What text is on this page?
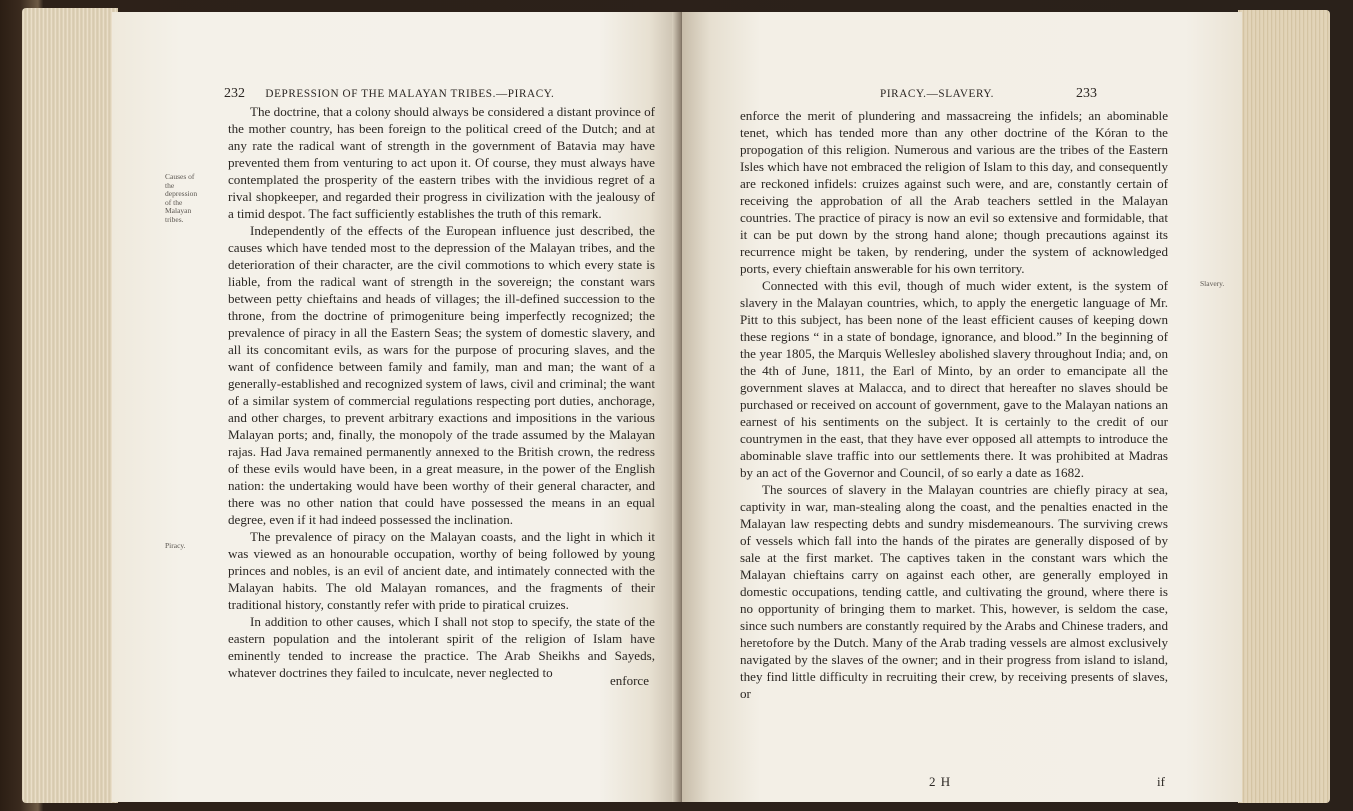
232 DEPRESSION OF THE MALAYAN TRIBES.—PIRACY.
Causes of the depression of the Malayan tribes.
Piracy.

The doctrine, that a colony should always be considered a distant province of the mother country, has been foreign to the political creed of the Dutch; and at any rate the radical want of strength in the government of Batavia may have prevented them from venturing to act upon it. Of course, they must always have contemplated the prosperity of the eastern tribes with the invidious regret of a rival shopkeeper, and regarded their progress in civilization with the jealousy of a timid despot. The fact sufficiently establishes the truth of this remark.

Independently of the effects of the European influence just described, the causes which have tended most to the depression of the Malayan tribes, and the deterioration of their character, are the civil commotions to which every state is liable, from the radical want of strength in the sovereign; the constant wars between petty chieftains and heads of villages; the ill-defined succession to the throne, from the doctrine of primogeniture being imperfectly recognized; the prevalence of piracy in all the Eastern Seas; the system of domestic slavery, and all its concomitant evils, as wars for the purpose of procuring slaves, and the want of confidence between family and family, man and man; the want of a generally-established and recognized system of laws, civil and criminal; the want of a similar system of commercial regulations respecting port duties, anchorage, and other charges, to prevent arbitrary exactions and impositions in the various Malayan ports; and, finally, the monopoly of the trade assumed by the Malayan rajas. Had Java remained permanently annexed to the British crown, the redress of these evils would have been, in a great measure, in the power of the English nation: the undertaking would have been worthy of their general character, and there was no other nation that could have possessed the means in an equal degree, even if it had indeed possessed the inclination.

The prevalence of piracy on the Malayan coasts, and the light in which it was viewed as an honourable occupation, worthy of being followed by young princes and nobles, is an evil of ancient date, and intimately connected with the Malayan habits. The old Malayan romances, and the fragments of their traditional history, constantly refer with pride to piratical cruizes.

In addition to other causes, which I shall not stop to specify, the state of the eastern population and the intolerant spirit of the religion of Islam have eminently tended to increase the practice. The Arab Sheikhs and Sayeds, whatever doctrines they failed to inculcate, never neglected to

enforce
PIRACY.—SLAVERY.	233
Slavery.

enforce the merit of plundering and massacreing the infidels; an abominable tenet, which has tended more than any other doctrine of the Kóran to the propogation of this religion. Numerous and various are the tribes of the Eastern Isles which have not embraced the religion of Islam to this day, and consequently are reckoned infidels: cruizes against such were, and are, constantly certain of receiving the approbation of all the Arab teachers settled in the Malayan countries. The practice of piracy is now an evil so extensive and formidable, that it can be put down by the strong hand alone; though precautions against its recurrence might be taken, by rendering, under the system of acknowledged ports, every chieftain answerable for his own territory.

Connected with this evil, though of much wider extent, is the system of slavery in the Malayan countries, which, to apply the energetic language of Mr. Pitt to this subject, has been none of the least efficient causes of keeping down these regions “ in a state of bondage, ignorance, and blood.” In the beginning of the year 1805, the Marquis Wellesley abolished slavery throughout India; and, on the 4th of June, 1811, the Earl of Minto, by an order to emancipate all the government slaves at Malacca, and to direct that hereafter no slaves should be purchased or received on account of government, gave to the Malayan nations an earnest of his sentiments on the subject. It is certainly to the credit of our countrymen in the east, that they have ever opposed all attempts to introduce the abominable slave traffic into our settlements there. It was prohibited at Madras by an act of the Governor and Council, of so early a date as 1682.

The sources of slavery in the Malayan countries are chiefly piracy at sea, captivity in war, man-stealing along the coast, and the penalties enacted in the Malayan law respecting debts and sundry misdemeanours. The surviving crews of vessels which fall into the hands of the pirates are generally disposed of by sale at the first market. The captives taken in the constant wars which the Malayan chieftains carry on against each other, are generally employed in domestic occupations, tending cattle, and cultivating the ground, where there is no opportunity of bringing them to market. This, however, is seldom the case, since such numbers are constantly required by the Arabs and Chinese traders, and heretofore by the Dutch. Many of the Arab trading vessels are almost exclusively navigated by the slaves of the owner; and in their progress from island to island, they find little difficulty in recruiting their crew, by receiving presents of slaves, or

2 H	if
